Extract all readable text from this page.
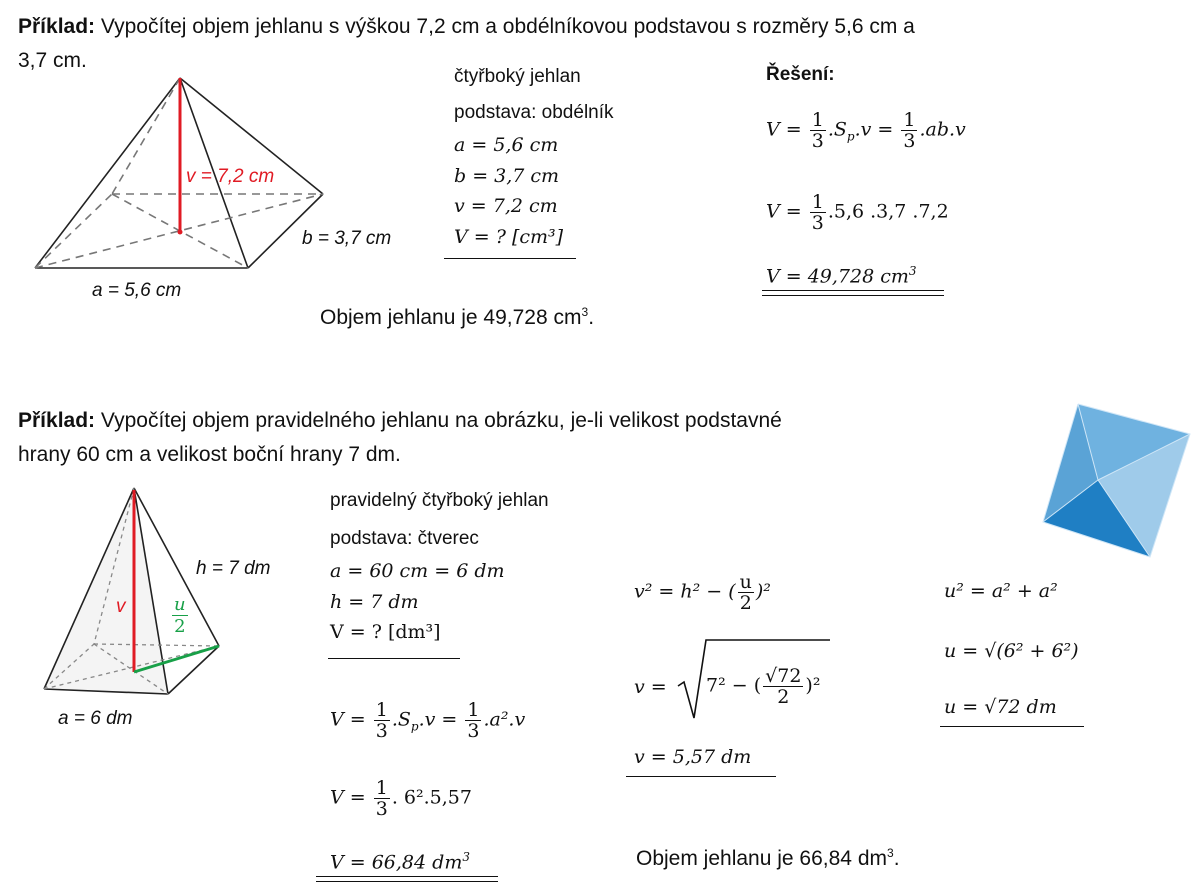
Příklad: Vypočítej objem jehlanu s výškou 7,2 cm a obdélníkovou podstavou s rozměry 5,6 cm a
3,7 cm.
v = 7,2 cm
b = 3,7 cm
a = 5,6 cm
čtyřboký jehlan
podstava: obdélník
a = 5,6 cm
b = 3,7 cm
v = 7,2 cm
V = ? [cm³]
Řešení:
$V = \frac{1}{3} .S_p.v = \frac{1}{3} .ab.v$
$V = \frac{1}{3} .5,6$ .3,7 .7,2
V = 49,728 $cm^3$
Objem jehlanu je 49,728 $cm^3$.
Příklad: Vypočítej objem pravidelného jehlanu na obrázku, je-li velikost podstavné
hrany 60 cm a velikost boční hrany 7 dm.
h = 7 dm
v	u
2
a = 6 dm
pravidelný čtyřboký jehlan
podstava: čtverec
a = 60 cm = 6 dm
h = 7 dm
V = ? [dm³]
$V = \frac{1}{3} .S_p.v = \frac{1}{3} .a^2.v$
$V = \frac{1}{3}$ . 6².5,57
V = 66,84 $dm^3$
v² = h² − ( $\frac{u}{2} )^2$
v = 7² − ( $\frac{√72}{2} )^2$
v = 5,57 dm
u² = a² + a²
u = √(6² + 6²)
u = √72 dm
Objem jehlanu je 66,84 $dm^3$.
